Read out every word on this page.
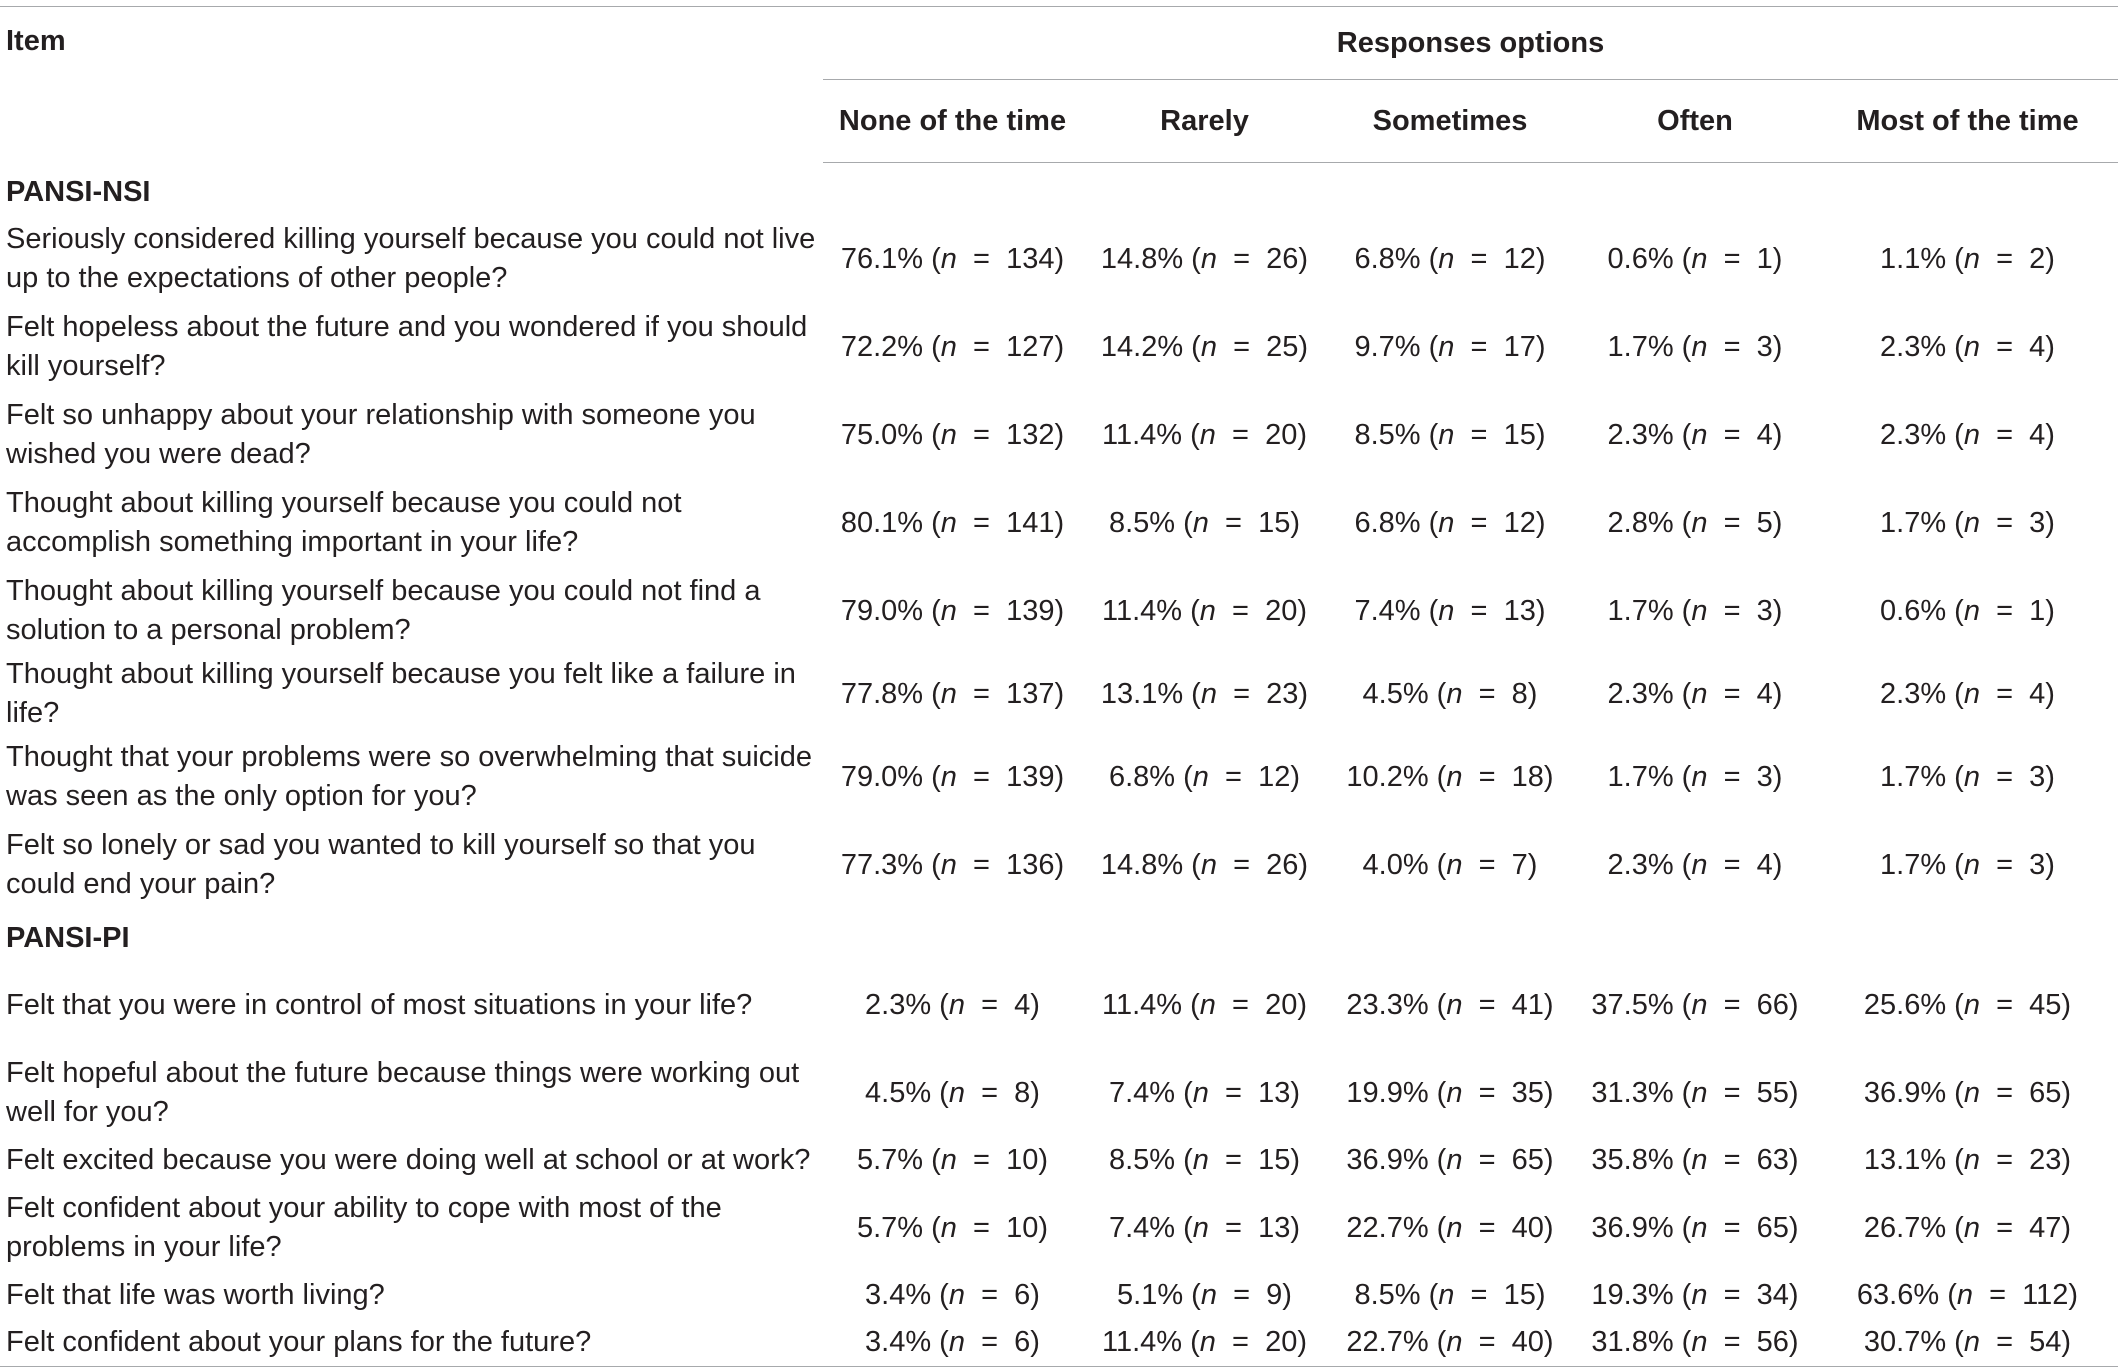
Item	Responses options				
	None of the time	Rarely	Sometimes	Often	Most of the time
PANSI-NSI					
Seriously considered killing yourself because you could not live up to the expectations of other people?	76.1% (n  =  134)	14.8% (n  =  26)	6.8% (n  =  12)	0.6% (n  =  1)	1.1% (n  =  2)
Felt hopeless about the future and you wondered if you should kill yourself?	72.2% (n  =  127)	14.2% (n  =  25)	9.7% (n  =  17)	1.7% (n  =  3)	2.3% (n  =  4)
Felt so unhappy about your relationship with someone you wished you were dead?	75.0% (n  =  132)	11.4% (n  =  20)	8.5% (n  =  15)	2.3% (n  =  4)	2.3% (n  =  4)
Thought about killing yourself because you could not accomplish something important in your life?	80.1% (n  =  141)	8.5% (n  =  15)	6.8% (n  =  12)	2.8% (n  =  5)	1.7% (n  =  3)
Thought about killing yourself because you could not find a solution to a personal problem?	79.0% (n  =  139)	11.4% (n  =  20)	7.4% (n  =  13)	1.7% (n  =  3)	0.6% (n  =  1)
Thought about killing yourself because you felt like a failure in life?	77.8% (n  =  137)	13.1% (n  =  23)	4.5% (n  =  8)	2.3% (n  =  4)	2.3% (n  =  4)
Thought that your problems were so overwhelming that suicide was seen as the only option for you?	79.0% (n  =  139)	6.8% (n  =  12)	10.2% (n  =  18)	1.7% (n  =  3)	1.7% (n  =  3)
Felt so lonely or sad you wanted to kill yourself so that you could end your pain?	77.3% (n  =  136)	14.8% (n  =  26)	4.0% (n  =  7)	2.3% (n  =  4)	1.7% (n  =  3)
PANSI-PI					
Felt that you were in control of most situations in your life?	2.3% (n  =  4)	11.4% (n  =  20)	23.3% (n  =  41)	37.5% (n  =  66)	25.6% (n  =  45)
Felt hopeful about the future because things were working out well for you?	4.5% (n  =  8)	7.4% (n  =  13)	19.9% (n  =  35)	31.3% (n  =  55)	36.9% (n  =  65)
Felt excited because you were doing well at school or at work?	5.7% (n  =  10)	8.5% (n  =  15)	36.9% (n  =  65)	35.8% (n  =  63)	13.1% (n  =  23)
Felt confident about your ability to cope with most of the problems in your life?	5.7% (n  =  10)	7.4% (n  =  13)	22.7% (n  =  40)	36.9% (n  =  65)	26.7% (n  =  47)
Felt that life was worth living?	3.4% (n  =  6)	5.1% (n  =  9)	8.5% (n  =  15)	19.3% (n  =  34)	63.6% (n  =  112)
Felt confident about your plans for the future?	3.4% (n  =  6)	11.4% (n  =  20)	22.7% (n  =  40)	31.8% (n  =  56)	30.7% (n  =  54)
